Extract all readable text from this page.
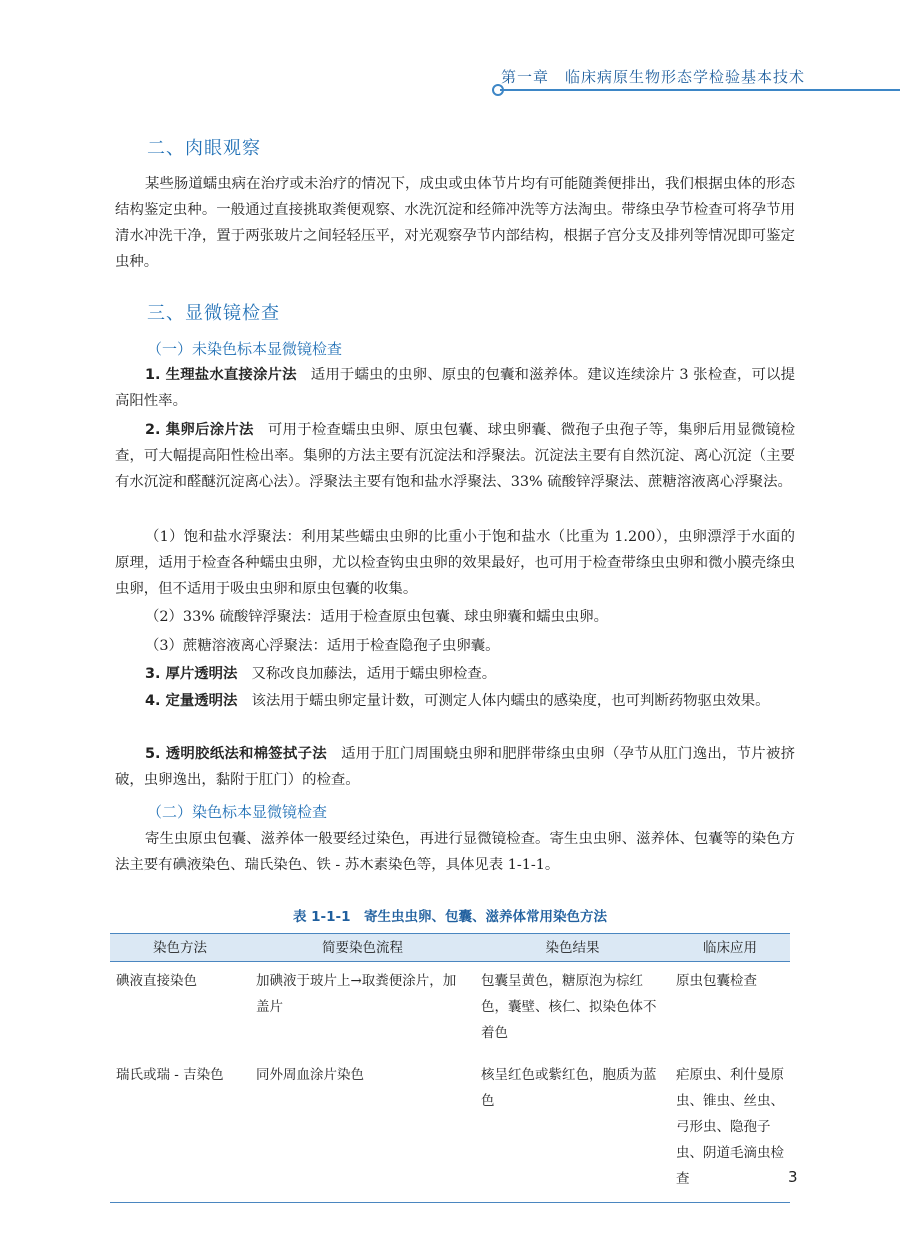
第一章　临床病原生物形态学检验基本技术
二、肉眼观察

某些肠道蠕虫病在治疗或未治疗的情况下，成虫或虫体节片均有可能随粪便排出，我们根据虫体的形态结构鉴定虫种。一般通过直接挑取粪便观察、水洗沉淀和经筛冲洗等方法淘虫。带绦虫孕节检查可将孕节用清水冲洗干净，置于两张玻片之间轻轻压平，对光观察孕节内部结构，根据子宫分支及排列等情况即可鉴定虫种。

三、显微镜检查
（一）未染色标本显微镜检查

1. 生理盐水直接涂片法 适用于蠕虫的虫卵、原虫的包囊和滋养体。建议连续涂片 3 张检查，可以提高阳性率。

2. 集卵后涂片法 可用于检查蠕虫虫卵、原虫包囊、球虫卵囊、微孢子虫孢子等，集卵后用显微镜检查，可大幅提高阳性检出率。集卵的方法主要有沉淀法和浮聚法。沉淀法主要有自然沉淀、离心沉淀（主要有水沉淀和醛醚沉淀离心法）。浮聚法主要有饱和盐水浮聚法、33% 硫酸锌浮聚法、蔗糖溶液离心浮聚法。

（1）饱和盐水浮聚法：利用某些蠕虫虫卵的比重小于饱和盐水（比重为 1.200），虫卵漂浮于水面的原理，适用于检查各种蠕虫虫卵，尤以检查钩虫虫卵的效果最好，也可用于检查带绦虫虫卵和微小膜壳绦虫虫卵，但不适用于吸虫虫卵和原虫包囊的收集。

（2）33% 硫酸锌浮聚法：适用于检查原虫包囊、球虫卵囊和蠕虫虫卵。

（3）蔗糖溶液离心浮聚法：适用于检查隐孢子虫卵囊。

3. 厚片透明法 又称改良加藤法，适用于蠕虫卵检查。

4. 定量透明法 该法用于蠕虫卵定量计数，可测定人体内蠕虫的感染度，也可判断药物驱虫效果。

5. 透明胶纸法和棉签拭子法 适用于肛门周围蛲虫卵和肥胖带绦虫虫卵（孕节从肛门逸出，节片被挤破，虫卵逸出，黏附于肛门）的检查。

（二）染色标本显微镜检查

寄生虫原虫包囊、滋养体一般要经过染色，再进行显微镜检查。寄生虫虫卵、滋养体、包囊等的染色方法主要有碘液染色、瑞氏染色、铁 - 苏木素染色等，具体见表 1-1-1。

表 1-1-1　寄生虫虫卵、包囊、滋养体常用染色方法
染色方法	简要染色流程	染色结果	临床应用
碘液直接染色	加碘液于玻片上→取粪便涂片，加盖片	包囊呈黄色，糖原泡为棕红色，囊壁、核仁、拟染色体不着色	原虫包囊检查
瑞氏或瑞 - 吉染色	同外周血涂片染色	核呈红色或紫红色，胞质为蓝色	疟原虫、利什曼原虫、锥虫、丝虫、弓形虫、隐孢子虫、阴道毛滴虫检查	3
